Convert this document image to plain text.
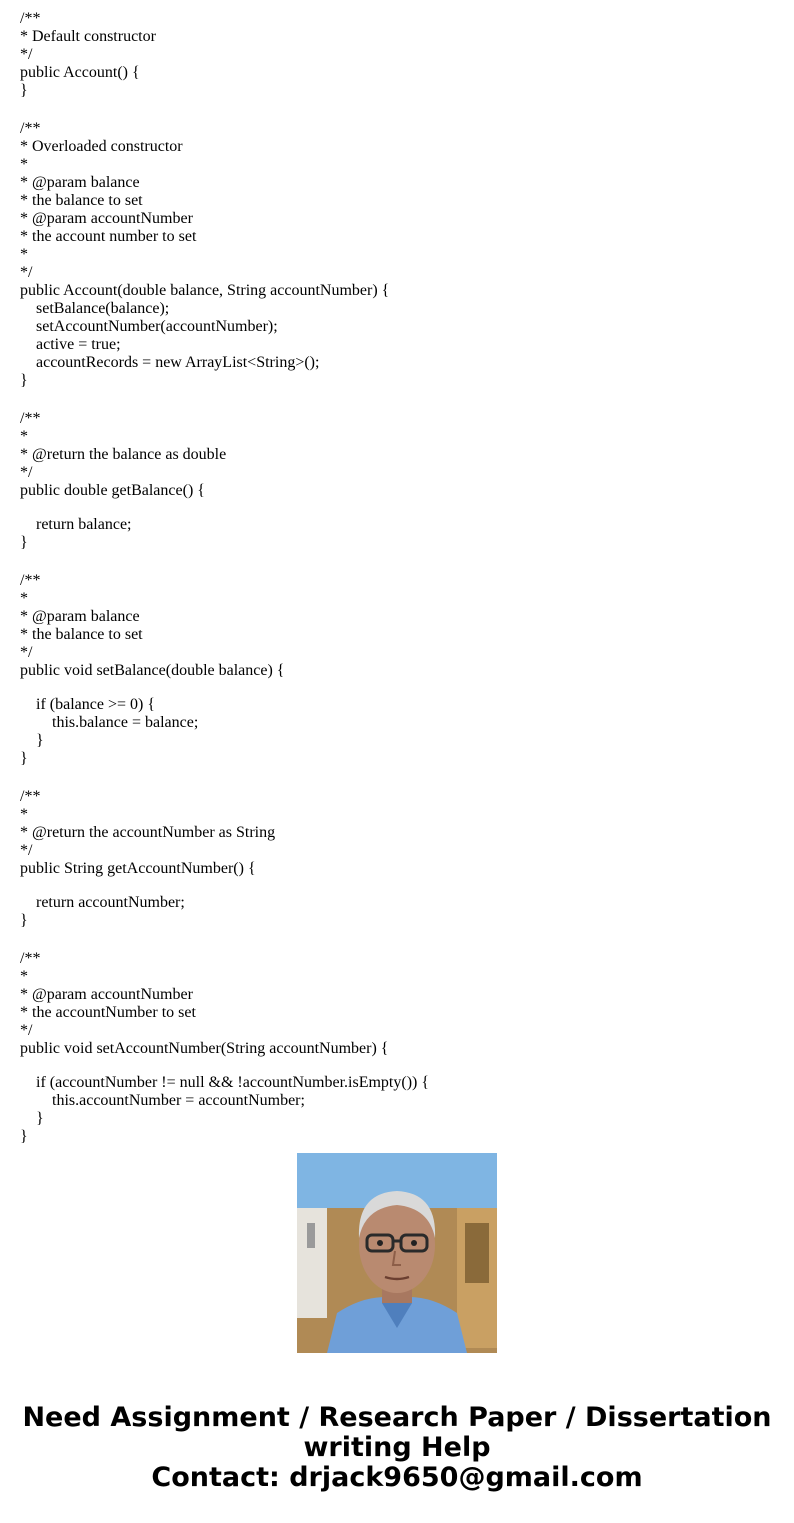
/**
* Default constructor
*/
public Account() {
}
/**
* Overloaded constructor
*
* @param balance
* the balance to set
* @param accountNumber
* the account number to set
*
*/
public Account(double balance, String accountNumber) {
setBalance(balance);
setAccountNumber(accountNumber);
active = true;
accountRecords = new ArrayList<String>();
}
/**
*
* @return the balance as double
*/
public double getBalance() {
return balance;
}
/**
*
* @param balance
* the balance to set
*/
public void setBalance(double balance) {
if (balance >= 0) {
this.balance = balance;
}
}
/**
*
* @return the accountNumber as String
*/
public String getAccountNumber() {
return accountNumber;
}
/**
*
* @param accountNumber
* the accountNumber to set
*/
public void setAccountNumber(String accountNumber) {
if (accountNumber != null && !accountNumber.isEmpty()) {
this.accountNumber = accountNumber;
}
}
Need Assignment / Research Paper / Dissertation
writing Help
Contact: drjack9650@gmail.com
